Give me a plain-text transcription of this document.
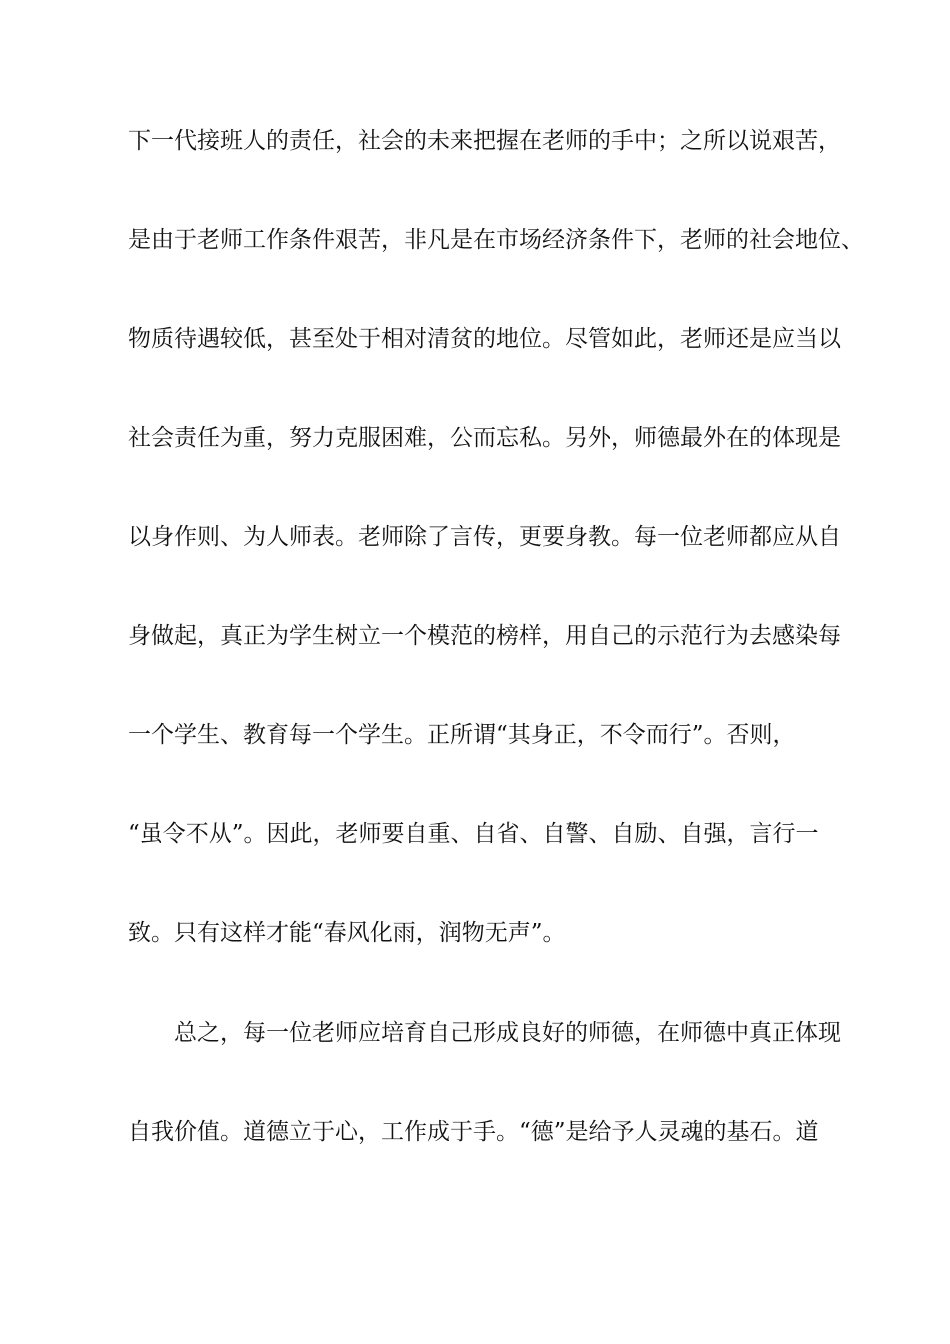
下一代接班人的责任，社会的未来把握在老师的手中；之所以说艰苦，
是由于老师工作条件艰苦，非凡是在市场经济条件下，老师的社会地位、
物质待遇较低，甚至处于相对清贫的地位。尽管如此，老师还是应当以
社会责任为重，努力克服困难，公而忘私。另外，师德最外在的体现是
以身作则、为人师表。老师除了言传，更要身教。每一位老师都应从自
身做起，真正为学生树立一个模范的榜样，用自己的示范行为去感染每
一个学生、教育每一个学生。正所谓“其身正，不令而行”。否则，
“虽令不从”。因此，老师要自重、自省、自警、自励、自强，言行一
致。只有这样才能“春风化雨，润物无声”。
总之，每一位老师应培育自己形成良好的师德，在师德中真正体现
自我价值。道德立于心，工作成于手。“德”是给予人灵魂的基石。道
